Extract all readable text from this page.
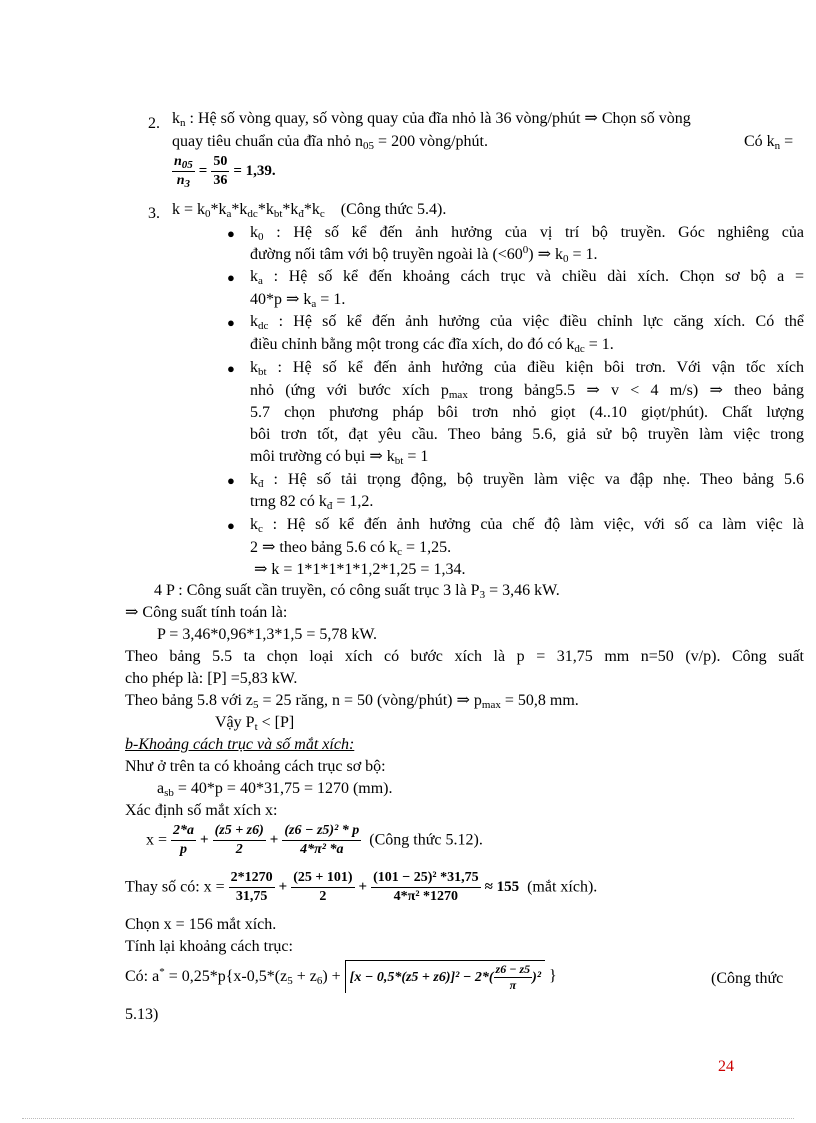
2. $k_n$ : Hệ số vòng quay, số vòng quay của đĩa nhỏ là 36 vòng/phút ⇒ Chọn số vòng
quay tiêu chuẩn của đĩa nhỏ $n_{05} = 200$ vòng/phút.	Có $k_n$ =
$\frac{n_{05}}{n_3} = \frac{50}{36} = 1,39$.
3. $k = k_0*k_a*k_{dc}*k_{bt}*k_đ*k_c$ (Công thức 5.4).
● $k_0$ : Hệ số kể đến ảnh hưởng của vị trí bộ truyền. Góc nghiêng của
đường nối tâm với bộ truyền ngoài là $(<60^0)$ ⇒ $k_0 = 1$.
● $k_a$ : Hệ số kể đến khoảng cách trục và chiều dài xích. Chọn sơ bộ a =
40*p ⇒ $k_a = 1$.
● $k_{dc}$ : Hệ số kể đến ảnh hưởng của việc điều chỉnh lực căng xích. Có thể
điều chỉnh bằng một trong các đĩa xích, do đó có $k_{dc} = 1$.
● $k_{bt}$ : Hệ số kể đến ảnh hưởng của điều kiện bôi trơn. Với vận tốc xích
nhỏ (ứng với bước xích $p_{max}$ trong bảng5.5 ⇒ v < 4 m/s) ⇒ theo bảng
5.7 chọn phương pháp bôi trơn nhỏ giọt (4..10 giọt/phút). Chất lượng
bôi trơn tốt, đạt yêu cầu. Theo bảng 5.6, giả sử bộ truyền làm việc trong
môi trường có bụi ⇒ $k_{bt} = 1$
● $k_đ$ : Hệ số tải trọng động, bộ truyền làm việc va đập nhẹ. Theo bảng 5.6
trng 82 có $k_đ = 1,2$.
● $k_c$ : Hệ số kể đến ảnh hưởng của chế độ làm việc, với số ca làm việc là
2 ⇒ theo bảng 5.6 có $k_c = 1,25$.
⇒ k = 1*1*1*1*1,2*1,25 = 1,34.
4 P : Công suất cần truyền, có công suất trục 3 là $P_3 = 3,46$ kW.
⇒ Công suất tính toán là:
P = 3,46*0,96*1,3*1,5 = 5,78 kW.
Theo bảng 5.5 ta chọn loại xích có bước xích là p = 31,75 mm n=50 (v/p). Công suất
cho phép là: [P] =5,83 kW.
Theo bảng 5.8 với $z_5 = 25$ răng, n = 50 (vòng/phút) ⇒ $p_{max} = 50,8$ mm.
Vậy $P_t < [P]$
b-Khoảng cách trục và số mắt xích:
Như ở trên ta có khoảng cách trục sơ bộ:
$a_{sb} = 40*p = 40*31,75 = 1270$ (mm).
Xác định số mắt xích x:
$x = \frac{2*a}{p} + \frac{(z5 + z6)}{2} + \frac{\text{(z6 − z5)² * p}}{\text{4*π² *a}}$ (Công thức 5.12).
Thay số có: $x = \frac{2*1270}{31,75} + \frac{(25 + 101)}{2} + \frac{\text{(101 − 25)² *31,75}}{\text{4*π² *1270}} \approx 155$ (mắt xích).
Chọn x = 156 mắt xích.
Tính lại khoảng cách trục:
Có: $a^* = 0,25*p\{x-0,5*(z_5 + z_6) + [x - 0,5*(z5 + z6)]^2 - 2*( \frac{z6 - z5}{\pi} )^2$ }	(Công thức
5.13)
24
